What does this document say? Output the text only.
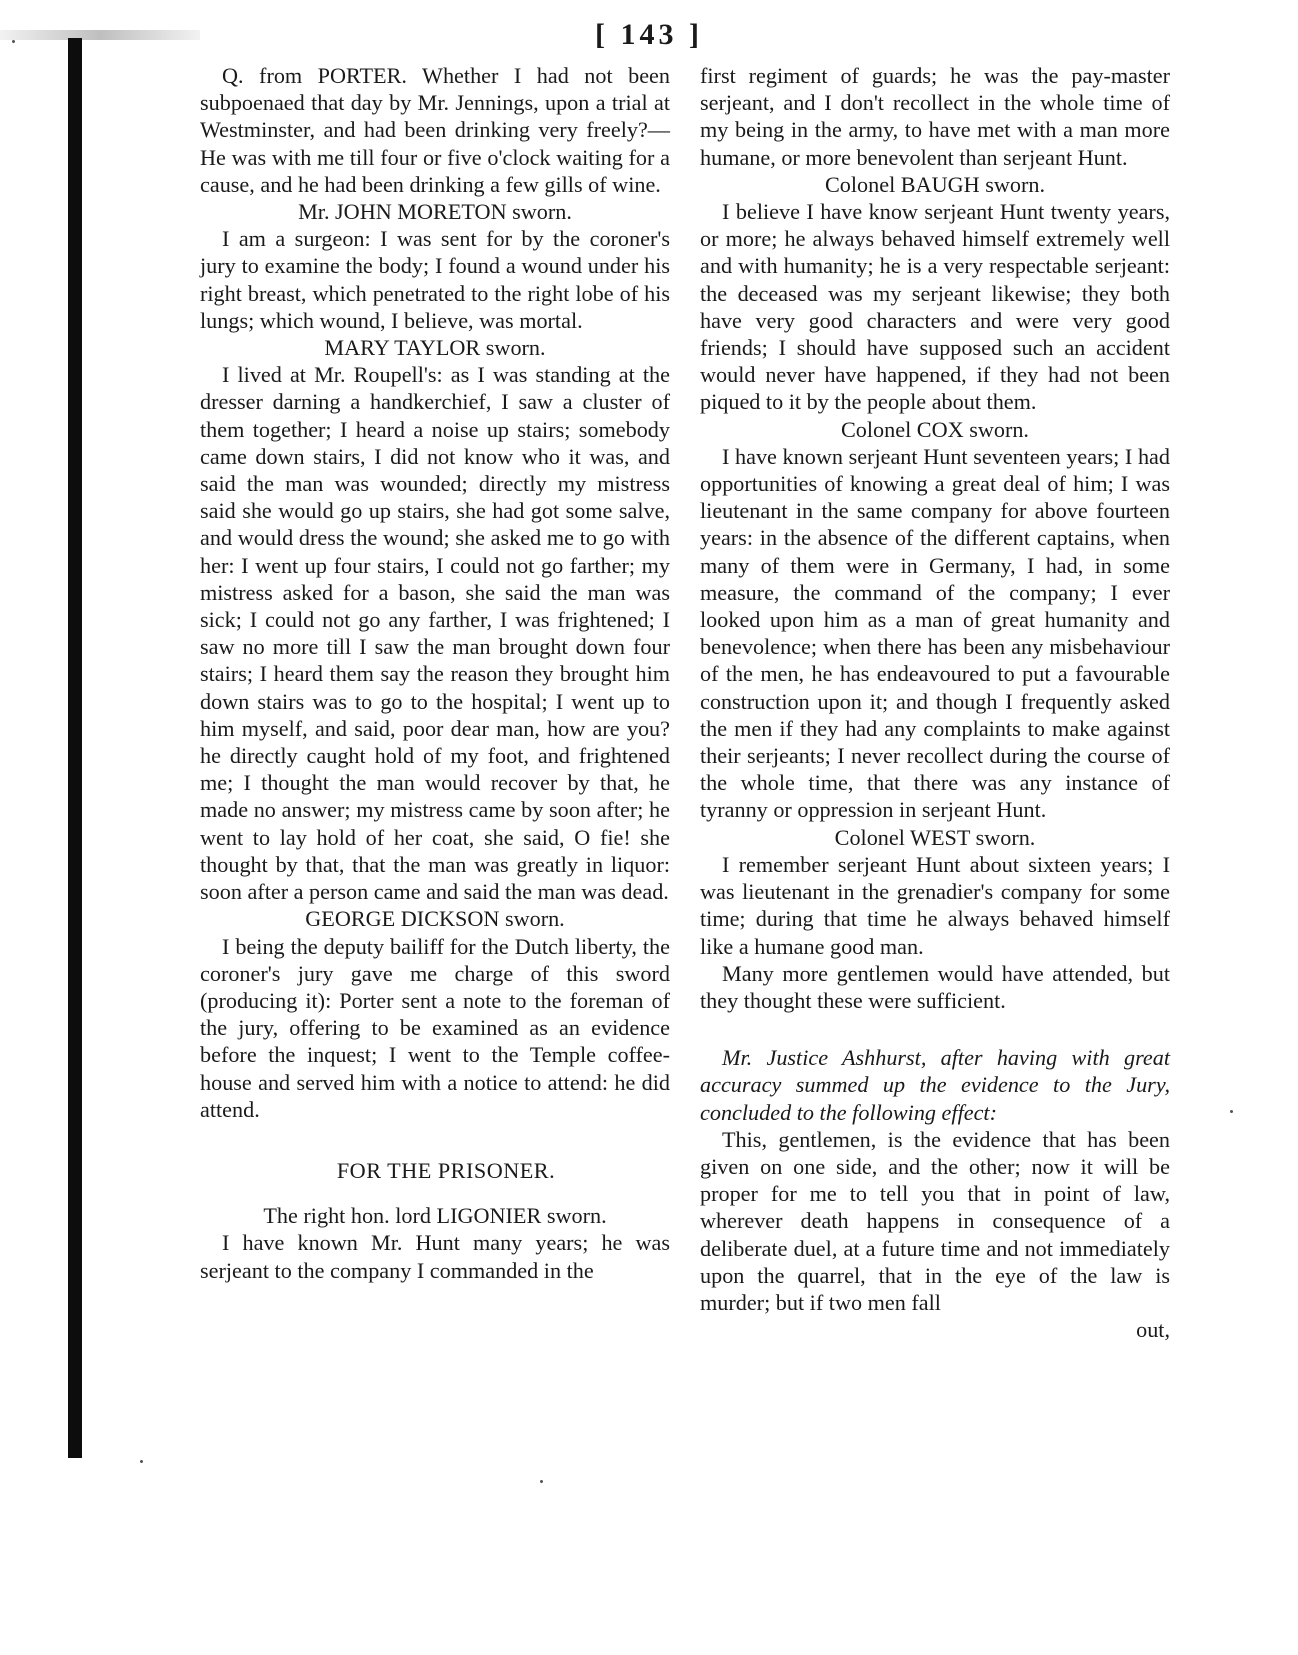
[ 143 ]

Q. from PORTER. Whether I had not been subpoenaed that day by Mr. Jennings, upon a trial at Westminster, and had been drinking very freely?—He was with me till four or five o'clock waiting for a cause, and he had been drinking a few gills of wine.

Mr. JOHN MORETON sworn.

I am a surgeon: I was sent for by the coroner's jury to examine the body; I found a wound under his right breast, which penetrated to the right lobe of his lungs; which wound, I believe, was mortal.

MARY TAYLOR sworn.

I lived at Mr. Roupell's: as I was standing at the dresser darning a handkerchief, I saw a cluster of them together; I heard a noise up stairs; somebody came down stairs, I did not know who it was, and said the man was wounded; directly my mistress said she would go up stairs, she had got some salve, and would dress the wound; she asked me to go with her: I went up four stairs, I could not go farther; my mistress asked for a bason, she said the man was sick; I could not go any farther, I was frightened; I saw no more till I saw the man brought down four stairs; I heard them say the reason they brought him down stairs was to go to the hospital; I went up to him myself, and said, poor dear man, how are you? he directly caught hold of my foot, and frightened me; I thought the man would recover by that, he made no answer; my mistress came by soon after; he went to lay hold of her coat, she said, O fie! she thought by that, that the man was greatly in liquor: soon after a person came and said the man was dead.

GEORGE DICKSON sworn.

I being the deputy bailiff for the Dutch liberty, the coroner's jury gave me charge of this sword (producing it): Porter sent a note to the foreman of the jury, offering to be examined as an evidence before the inquest; I went to the Temple coffee-house and served him with a notice to attend: he did attend.

FOR THE PRISONER.

The right hon. lord LIGONIER sworn.

I have known Mr. Hunt many years; he was serjeant to the company I commanded in the

first regiment of guards; he was the pay-master serjeant, and I don't recollect in the whole time of my being in the army, to have met with a man more humane, or more benevolent than serjeant Hunt.

Colonel BAUGH sworn.

I believe I have know serjeant Hunt twenty years, or more; he always behaved himself extremely well and with humanity; he is a very respectable serjeant: the deceased was my serjeant likewise; they both have very good characters and were very good friends; I should have supposed such an accident would never have happened, if they had not been piqued to it by the people about them.

Colonel COX sworn.

I have known serjeant Hunt seventeen years; I had opportunities of knowing a great deal of him; I was lieutenant in the same company for above fourteen years: in the absence of the different captains, when many of them were in Germany, I had, in some measure, the command of the company; I ever looked upon him as a man of great humanity and benevolence; when there has been any misbehaviour of the men, he has endeavoured to put a favourable construction upon it; and though I frequently asked the men if they had any complaints to make against their serjeants; I never recollect during the course of the whole time, that there was any instance of tyranny or oppression in serjeant Hunt.

Colonel WEST sworn.

I remember serjeant Hunt about sixteen years; I was lieutenant in the grenadier's company for some time; during that time he always behaved himself like a humane good man.

Many more gentlemen would have attended, but they thought these were sufficient.

Mr. Justice Ashhurst, after having with great accuracy summed up the evidence to the Jury, concluded to the following effect:

This, gentlemen, is the evidence that has been given on one side, and the other; now it will be proper for me to tell you that in point of law, wherever death happens in consequence of a deliberate duel, at a future time and not immediately upon the quarrel, that in the eye of the law is murder; but if two men fall

out,
